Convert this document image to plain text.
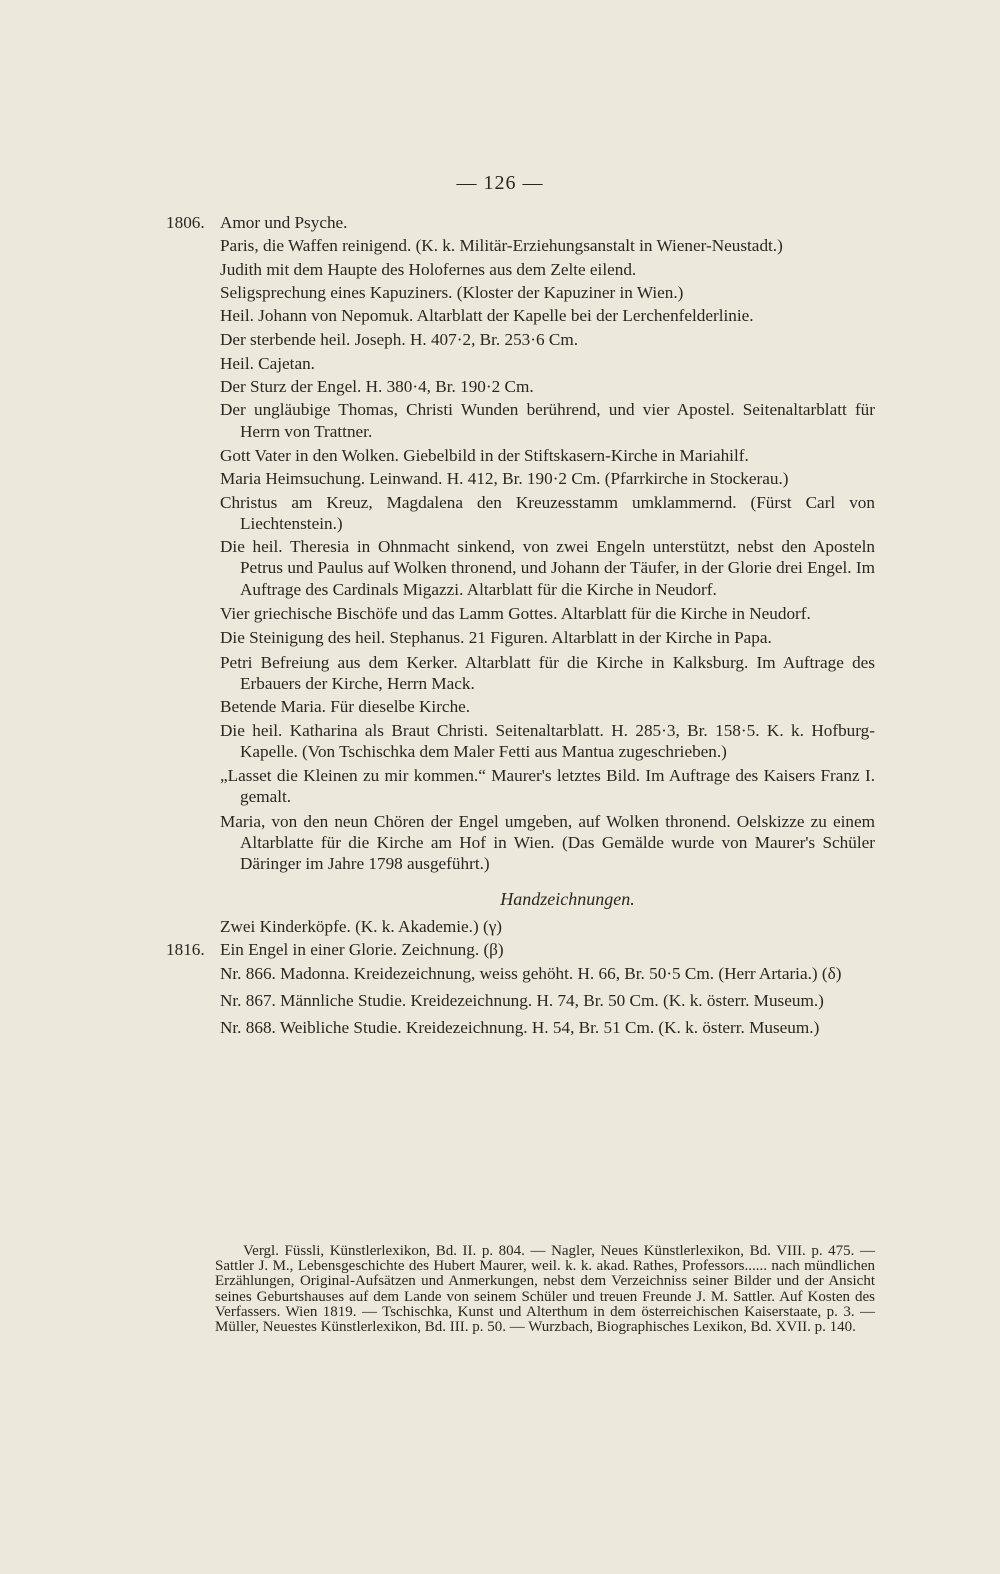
— 126 —
1806. Amor und Psyche.
Paris, die Waffen reinigend. (K. k. Militär-Erziehungsanstalt in Wiener-Neustadt.)
Judith mit dem Haupte des Holofernes aus dem Zelte eilend.
Seligsprechung eines Kapuziners. (Kloster der Kapuziner in Wien.)
Heil. Johann von Nepomuk. Altarblatt der Kapelle bei der Lerchenfelderlinie.
Der sterbende heil. Joseph. H. 407·2, Br. 253·6 Cm.
Heil. Cajetan.
Der Sturz der Engel. H. 380·4, Br. 190·2 Cm.
Der ungläubige Thomas, Christi Wunden berührend, und vier Apostel. Seitenaltarblatt für Herrn von Trattner.
Gott Vater in den Wolken. Giebelbild in der Stiftskasern-Kirche in Mariahilf.
Maria Heimsuchung. Leinwand. H. 412, Br. 190·2 Cm. (Pfarrkirche in Stockerau.)
Christus am Kreuz, Magdalena den Kreuzesstamm umklammernd. (Fürst Carl von Liechtenstein.)
Die heil. Theresia in Ohnmacht sinkend, von zwei Engeln unterstützt, nebst den Aposteln Petrus und Paulus auf Wolken thronend, und Johann der Täufer, in der Glorie drei Engel. Im Auftrage des Cardinals Migazzi. Altarblatt für die Kirche in Neudorf.
Vier griechische Bischöfe und das Lamm Gottes. Altarblatt für die Kirche in Neudorf.
Die Steinigung des heil. Stephanus. 21 Figuren. Altarblatt in der Kirche in Papa.
Petri Befreiung aus dem Kerker. Altarblatt für die Kirche in Kalksburg. Im Auftrage des Erbauers der Kirche, Herrn Mack.
Betende Maria. Für dieselbe Kirche.
Die heil. Katharina als Braut Christi. Seitenaltarblatt. H. 285·3, Br. 158·5. K. k. Hofburg-Kapelle. (Von Tschischka dem Maler Fetti aus Mantua zugeschrieben.)
„Lasset die Kleinen zu mir kommen.“ Maurer's letztes Bild. Im Auftrage des Kaisers Franz I. gemalt.
Maria, von den neun Chören der Engel umgeben, auf Wolken thronend. Oelskizze zu einem Altarblatte für die Kirche am Hof in Wien. (Das Gemälde wurde von Maurer's Schüler Däringer im Jahre 1798 ausgeführt.)
Handzeichnungen.
Zwei Kinderköpfe. (K. k. Akademie.) (γ)
1816. Ein Engel in einer Glorie. Zeichnung. (β)
Nr. 866. Madonna. Kreidezeichnung, weiss gehöht. H. 66, Br. 50·5 Cm. (Herr Artaria.) (δ)
Nr. 867. Männliche Studie. Kreidezeichnung. H. 74, Br. 50 Cm. (K. k. österr. Museum.)
Nr. 868. Weibliche Studie. Kreidezeichnung. H. 54, Br. 51 Cm. (K. k. österr. Museum.)
Vergl. Füssli, Künstlerlexikon, Bd. II. p. 804. — Nagler, Neues Künstlerlexikon, Bd. VIII. p. 475. — Sattler J. M., Lebensgeschichte des Hubert Maurer, weil. k. k. akad. Rathes, Professors...... nach mündlichen Erzählungen, Original-Aufsätzen und Anmerkungen, nebst dem Verzeichniss seiner Bilder und der Ansicht seines Geburtshauses auf dem Lande von seinem Schüler und treuen Freunde J. M. Sattler. Auf Kosten des Verfassers. Wien 1819. — Tschischka, Kunst und Alterthum in dem österreichischen Kaiserstaate, p. 3. — Müller, Neuestes Künstlerlexikon, Bd. III. p. 50. — Wurzbach, Biographisches Lexikon, Bd. XVII. p. 140.
